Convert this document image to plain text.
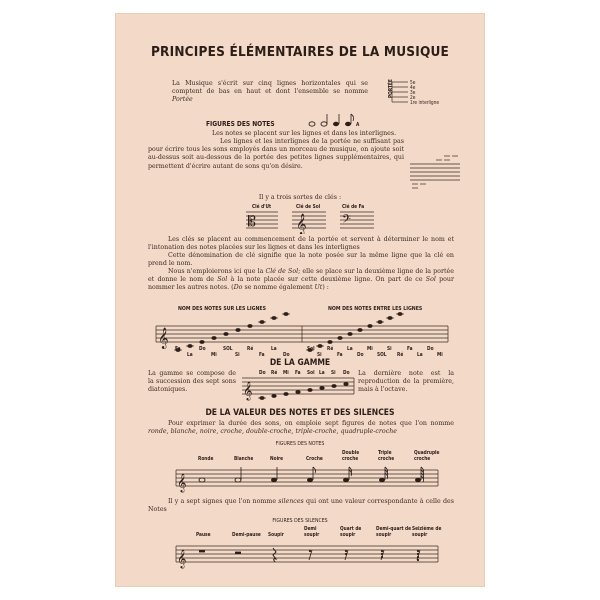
PRINCIPES ÉLÉMENTAIRES DE LA MUSIQUE
La Musique s'écrit sur cinq lignes horizontales qui se comptent de bas en haut et dont l'ensemble se nomme Portée
PORTÉE	5e
4e
3e
2e
1re interligne
FIGURES DES NOTES	A
Les notes se placent sur les lignes et dans les interlignes.
Les lignes et les interlignes de la portée ne suffisant pas pour écrire tous les sons employés dans un morceau de musique, on ajoute soit au-dessus soit au-dessous de la portée des petites lignes supplémentaires, qui permettent d'écrire autant de sons qu'on désire.
Il y a trois sortes de clés :
Clé d'Ut	Clé de Sol	Clé de Fa
𝄡 𝄞	𝄢
Les clés se placent au commencement de la portée et servent à déterminer le nom et l'intonation des notes placées sur les lignes et dans les interlignes
Cette dénomination de clé signifie que la note posée sur la même ligne que la clé en prend le nom.
Nous n'emploierons ici que la Clé de Sol; elle se place sur la deuxième ligne de la portée et donne le nom de Sol à la note placée sur cette deuxième ligne. On part de ce Sol pour nommer les autres notes. (Do se nomme également Ut) :
NOM DES NOTES SUR LES LIGNES	NOM DES NOTES ENTRE LES LIGNES
𝄞
Fa
La
Do
Mi
SOL
Si
Ré
Fa
La
Do
Sol
Si
Ré
Fa
La
Do
Mi
SOL
Si
Ré
Fa
La
Do
Mi
DE LA GAMME
La gamme se compose de la succession des sept sons diatoniques.
La dernière note est la reproduction de la première, mais à l'octave.
𝄞
Do Ré Mi Fa Sol La Si Do
DE LA VALEUR DES NOTES ET DES SILENCES
Pour exprimer la durée des sons, on emploie sept figures de notes que l'on nomme ronde, blanche, noire, croche, double-croche, triple-croche, quadruple-croche
FIGURES DES NOTES
Ronde	Blanche	Noire	Croche
Double
croche
Triple
croche
Quadruple
croche
𝄞
Il y a sept signes que l'on nomme silences qui ont une valeur correspondante à celle des Notes
FIGURES DES SILENCES
Pause	Demi-pause Soupir
Demi
soupir
Quart de
soupir
Demi-quart de
soupir
Seizième de
soupir
𝄞
